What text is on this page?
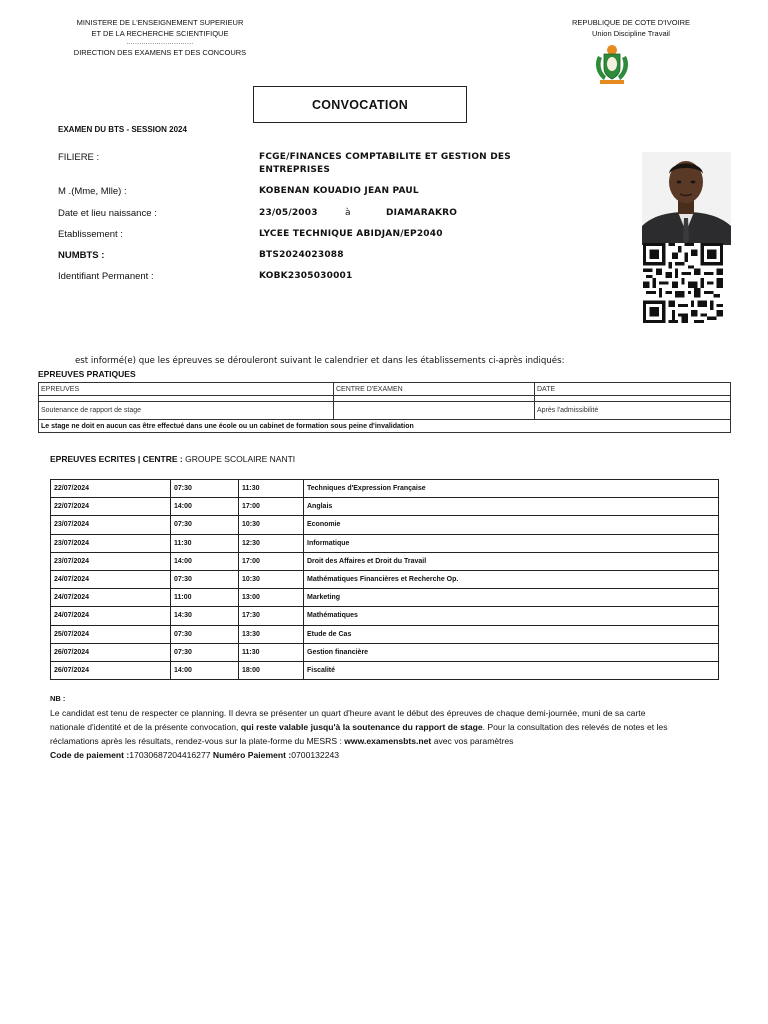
MINISTERE DE L'ENSEIGNEMENT SUPERIEUR
ET DE LA RECHERCHE SCIENTIFIQUE
...............................
DIRECTION DES EXAMENS ET DES CONCOURS
REPUBLIQUE DE COTE D'IVOIRE
Union Discipline Travail
CONVOCATION
EXAMEN DU BTS - SESSION 2024
FILIERE :	FCGE/FINANCES COMPTABILITE ET GESTION DES
ENTREPRISES
M .(Mme, Mlle) :	KOBENAN KOUADIO JEAN PAUL
Date et lieu naissance :	23/05/2003	à	DIAMARAKRO
Etablissement :	LYCEE TECHNIQUE ABIDJAN/EP2040
NUMBTS :	BTS2024023088
Identifiant Permanent :	KOBK2305030001
est informé(e) que les épreuves se dérouleront suivant le calendrier et dans les établissements ci-après indiqués:
EPREUVES PRATIQUES
EPREUVES	CENTRE D'EXAMEN	DATE

Soutenance de rapport de stage		Après l'admissibilité
Le stage ne doit en aucun cas être effectué dans une école ou un cabinet de formation sous peine d'invalidation		
EPREUVES ECRITES | CENTRE : GROUPE SCOLAIRE NANTI
22/07/2024	07:30	11:30	Techniques d'Expression Française
22/07/2024	14:00	17:00	Anglais
23/07/2024	07:30	10:30	Economie
23/07/2024	11:30	12:30	Informatique
23/07/2024	14:00	17:00	Droit des Affaires et Droit du Travail
24/07/2024	07:30	10:30	Mathématiques Financières et Recherche Op.
24/07/2024	11:00	13:00	Marketing
24/07/2024	14:30	17:30	Mathématiques
25/07/2024	07:30	13:30	Etude de Cas
26/07/2024	07:30	11:30	Gestion financière
26/07/2024	14:00	18:00	Fiscalité
NB :
Le candidat est tenu de respecter ce planning. Il devra se présenter un quart d'heure avant le début des épreuves de chaque demi-journée, muni de sa carte nationale d'identité et de la présente convocation, qui reste valable jusqu'à la soutenance du rapport de stage. Pour la consultation des relevés de notes et les réclamations après les résultats, rendez-vous sur la plate-forme du MESRS : www.examensbts.net avec vos paramètres
Code de paiement :17030687204416277 Numéro Paiement :0700132243
